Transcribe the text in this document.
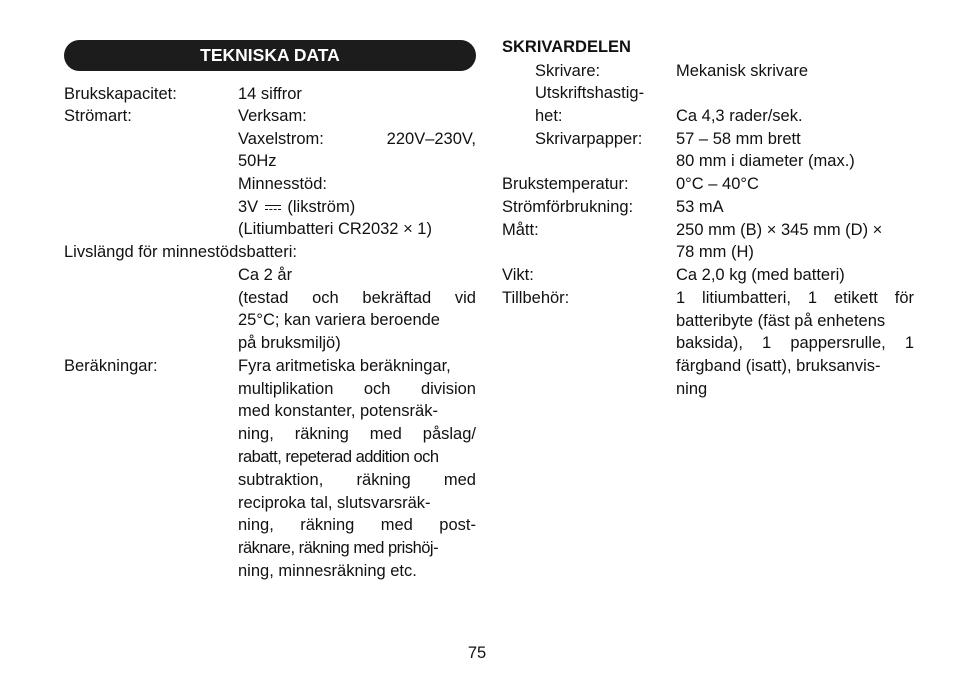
TEKNISKA DATA
Brukskapacitet:	14 siffror
Strömart:	Verksam:
Vaxelstrom:	220V–230V,
50Hz
Minnesstöd:
3V (likström)
(Litiumbatteri CR2032 × 1)
Livslängd för minnestödsbatteri:
Ca 2 år
(testad och bekräftad vid
25°C; kan variera beroende
på bruksmiljö)
Beräkningar:	Fyra aritmetiska beräkningar,
multiplikation och division
med konstanter, potensräk-
ning, räkning med påslag/
rabatt, repeterad addition och
subtraktion, räkning med
reciproka tal, slutsvarsräk-
ning, räkning med post-
räknare, räkning med prishöj-
ning, minnesräkning etc.
SKRIVARDELEN
Skrivare:	Mekanisk skrivare
Utskriftshastig-
het:	Ca 4,3 rader/sek.
Skrivarpapper: 57 – 58 mm brett
80 mm i diameter (max.)
Brukstemperatur:	0°C – 40°C
Strömförbrukning:	53 mA
Mått:	250 mm (B) × 345 mm (D) ×
78 mm (H)
Vikt:	Ca 2,0 kg (med batteri)
Tillbehör:	1 litiumbatteri, 1 etikett för
batteribyte (fäst på enhetens
baksida), 1 pappersrulle, 1
färgband (isatt), bruksanvis-
ning
75
